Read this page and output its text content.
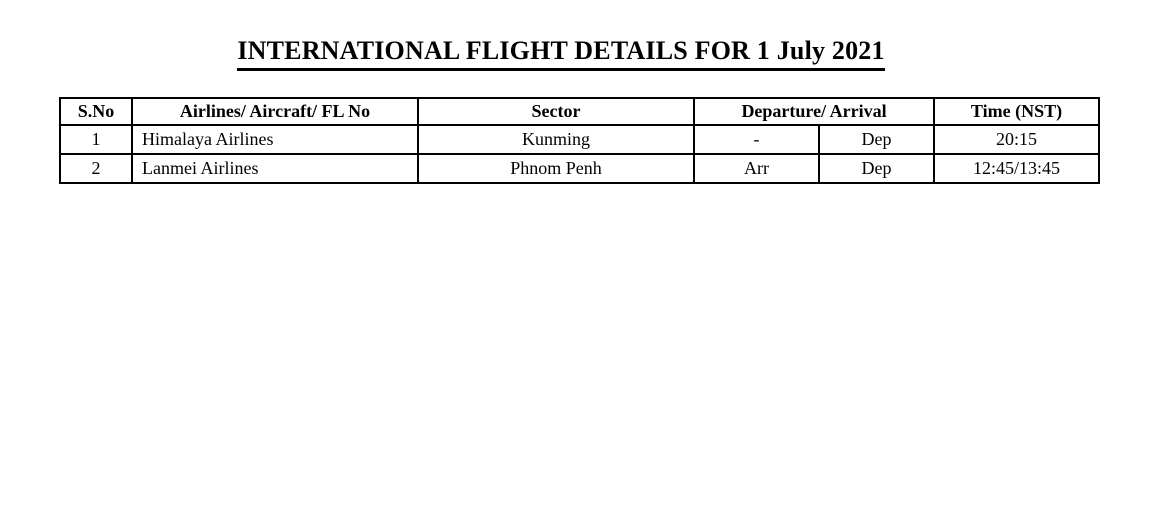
INTERNATIONAL FLIGHT DETAILS FOR 1 July 2021
S.No	Airlines/ Aircraft/ FL No	Sector	Departure/ Arrival		Time (NST)
1	Himalaya Airlines	Kunming	-	Dep	20:15
2	Lanmei Airlines	Phnom Penh	Arr	Dep	12:45/13:45
